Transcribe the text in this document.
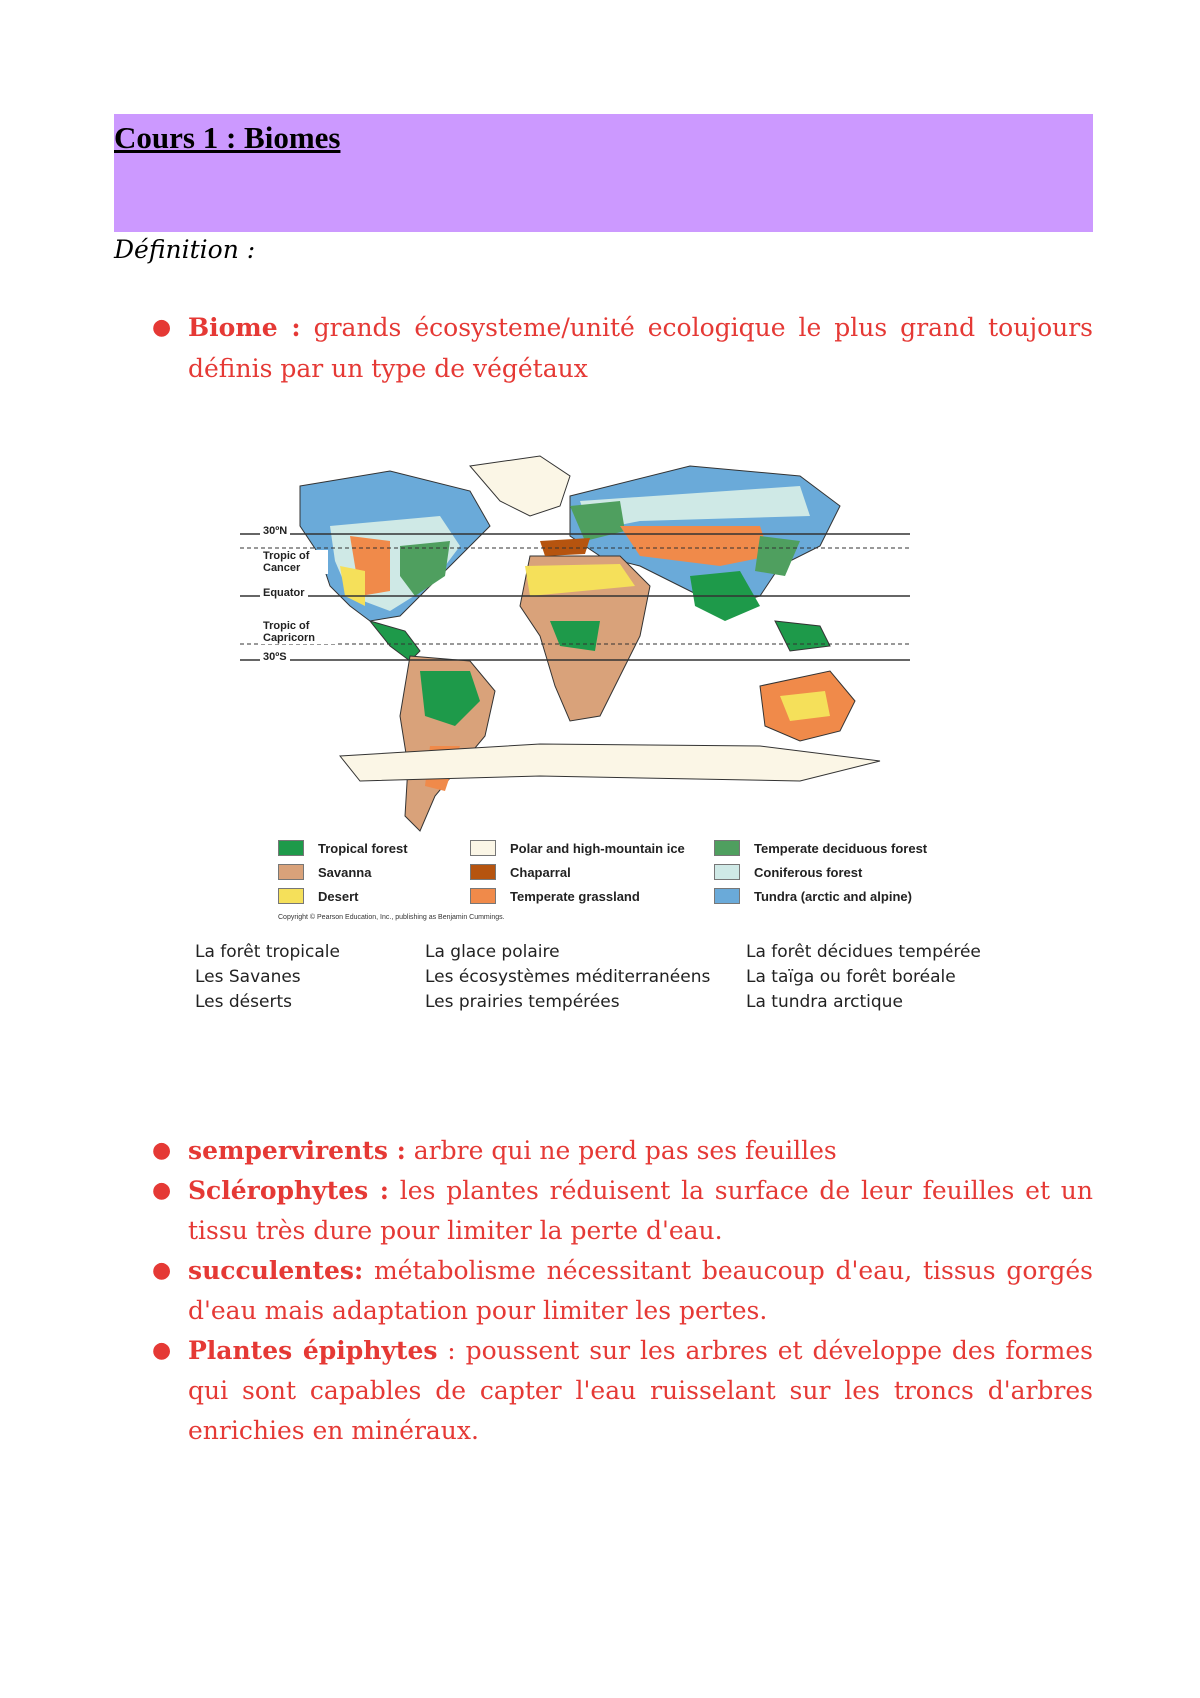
Cours 1 : Biomes
Définition :
● Biome : grands écosysteme/unité ecologique le plus grand toujours définis par un type de végétaux
30ºN
Tropic of Cancer
Equator
Tropic of Capricorn
30ºS
Tropical forest
Savanna
Desert
Polar and high-mountain ice
Chaparral
Temperate grassland
Temperate deciduous forest
Coniferous forest
Tundra (arctic and alpine)
Copyright © Pearson Education, Inc., publishing as Benjamin Cummings.
La forêt tropicale
Les Savanes
Les déserts
La glace polaire
Les écosystèmes méditerranéens
Les prairies tempérées
La forêt décidues tempérée
La taïga ou forêt boréale
La tundra arctique
● sempervirents : arbre qui ne perd pas ses feuilles
● Sclérophytes : les plantes réduisent la surface de leur feuilles et un tissu très dure pour limiter la perte d'eau.
● succulentes: métabolisme nécessitant beaucoup d'eau, tissus gorgés d'eau mais adaptation pour limiter les pertes.
● Plantes épiphytes : poussent sur les arbres et développe des formes qui sont capables de capter l'eau ruisselant sur les troncs d'arbres enrichies en minéraux.
